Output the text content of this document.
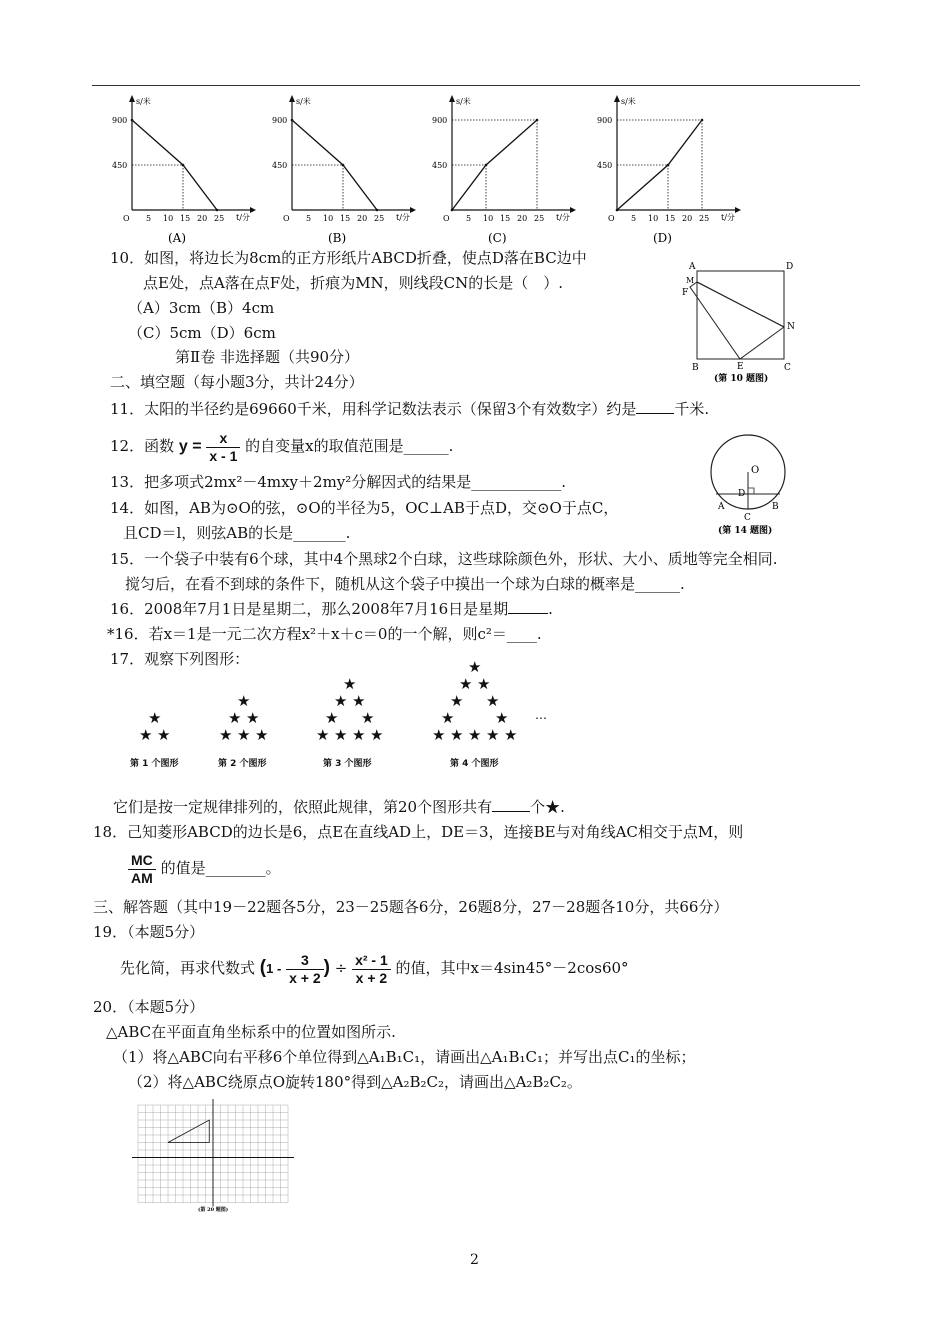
s/米
t/分
900
450
O 5 10 15 20 25
(A)
s/米
t/分
900
450
O 5 10 15 20 25
(B)
s/米
t/分
900
450
O 5 10 15 20 25
(C)
s/米
t/分
900
450
O 5 10 15 20 25
(D)
10．如图，将边长为8cm的正方形纸片ABCD折叠，使点D落在BC边中
点E处，点A落在点F处，折痕为MN，则线段CN的长是（　）.
（A）3cm（B）4cm
（C）5cm（D）6cm
A	D
M
F
N
B	E	C
(第 10 题图)
第Ⅱ卷 非选择题（共90分）
二、填空题（每小题3分，共计24分）
11．太阳的半径约是69660千米，用科学记数法表示（保留3个有效数字）约是	千米.
12．函数 $y = \frac{x}{x - 1}$ 的自变量x的取值范围是______.
O
D
A	B
C
(第 14 题图)
13．把多项式2mx²－4mxy＋2my²分解因式的结果是____________.
14．如图，AB为⊙O的弦，⊙O的半径为5，OC⊥AB于点D，交⊙O于点C，
且CD＝l，则弦AB的长是_______.
15．一个袋子中装有6个球，其中4个黑球2个白球，这些球除颜色外，形状、大小、质地等完全相同.
搅匀后，在看不到球的条件下，随机从这个袋子中摸出一个球为白球的概率是______.
16．2008年7月1日是星期二，那么2008年7月16日是星期	.
*16．若x＝1是一元二次方程x²＋x＋c＝0的一个解，则c²＝____.
17．观察下列图形：
★
★ ★
★
★ ★
★ ★ ★
★
★ ★
★ ★
★ ★ ★ ★
★
★ ★
★ ★
★	★
★ ★ ★ ★ ★
…
第 1 个图形	第 2 个图形	第 3 个图形	第 4 个图形
它们是按一定规律排列的，依照此规律，第20个图形共有	个★.
18．己知菱形ABCD的边长是6，点E在直线AD上，DE＝3，连接BE与对角线AC相交于点M，则
$\frac{MC}{AM}$ 的值是________。
三、解答题（其中19－22题各5分，23－25题各6分，26题8分，27－28题各10分，共66分）
19．（本题5分）
先化简，再求代数式 ($1 - \frac{3}{x + 2}$ ) ÷ $\frac{\text{x² - 1}}{x + 2}$ 的值，其中x＝4sin45°－2cos60°
20．（本题5分）
△ABC在平面直角坐标系中的位置如图所示.
（1）将△ABC向右平移6个单位得到△A₁B₁C₁，请画出△A₁B₁C₁；并写出点C₁的坐标；
（2）将△ABC绕原点O旋转180°得到△A₂B₂C₂，请画出△A₂B₂C₂。
(第 20 题图)
2
